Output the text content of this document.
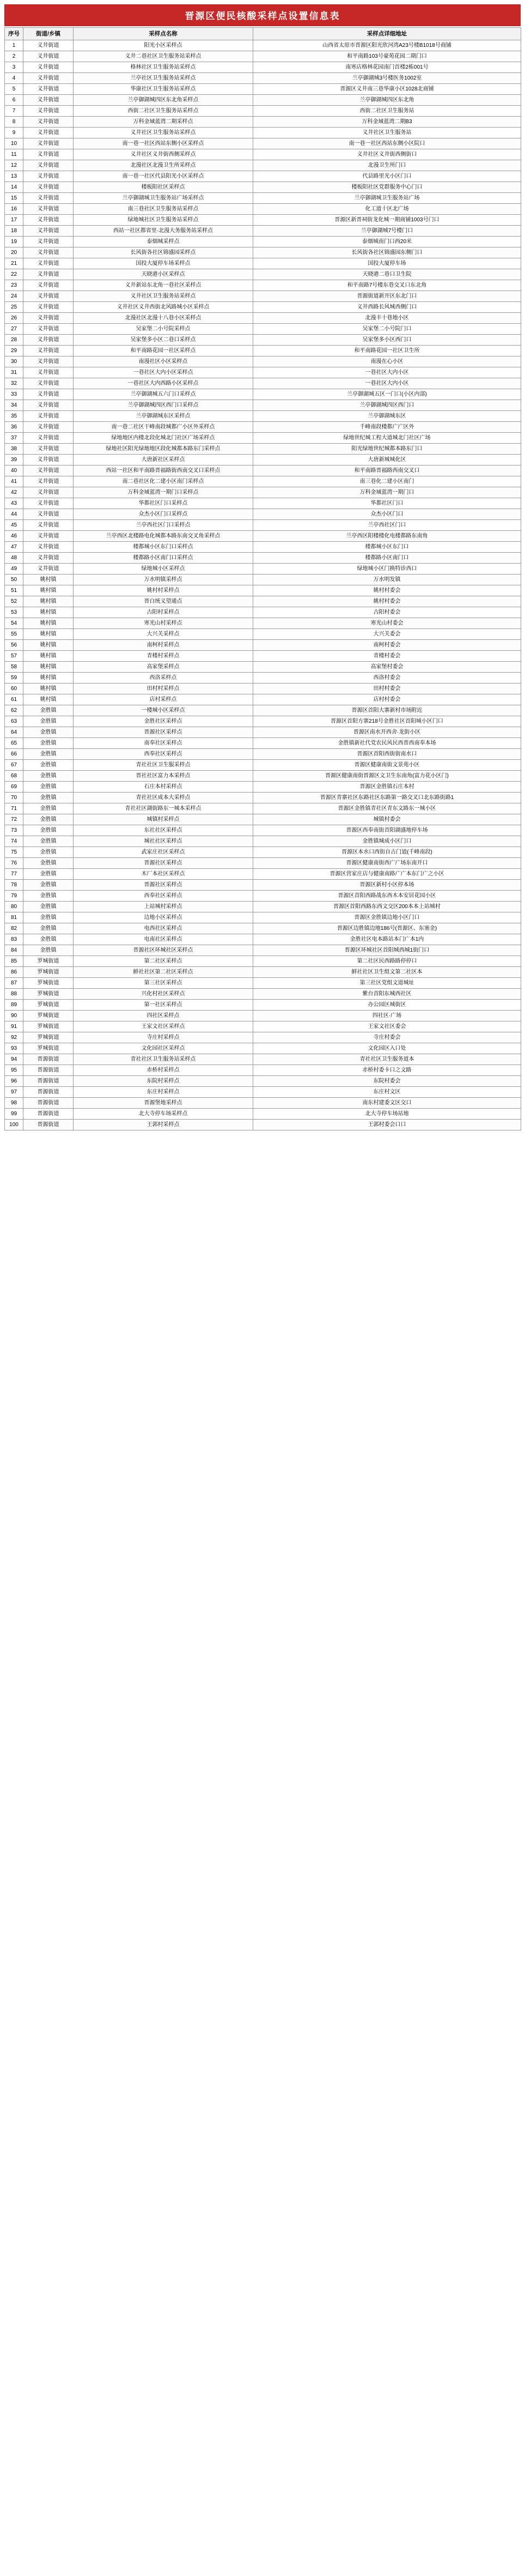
晋源区便民核酸采样点设置信息表
序号	街道/乡镇	采样点名称	采样点详细地址
1	义井街道	阳光小区采样点	山西省太原市晋源区阳光欣河湾A23号楼B1018号商铺
2	义井街道	义井二巷社区卫生服务站采样点	和平南路103号豪苑花园二期门口
3	义井街道	格林社区卫生服务站采样点	南寒店格林花园南门首楼2栋001号
4	义井街道	兰亭社区卫生服务站采样点	兰亭御湖城3号楼医务1002室
5	义井街道	华康社区卫生服务站采样点	晋源区义井南三巷华康小区1028北商铺
6	义井街道	兰亭御湖城四区东北角采样点	兰亭御湖城四区东北角
7	义井街道	西街二社区卫生服务站采样点	西街二社区卫生服务站
8	义井街道	万科金域蓝湾二期采样点	万科金域蓝湾二期B3
9	义井街道	义井社区卫生服务站采样点	义井社区卫生服务站
10	义井街道	南一巷一社区西站东侧小区采样点	南一巷一社区西站东侧小区院口
11	义井街道	义井社区义井街西侧采样点	义井社区义井街西侧街口
12	义井街道	北漫社区北漫卫生所采样点	北漫卫生所门口
13	义井街道	南一巷一社区代县阳光小区采样点	代县路里光小区门口
14	义井街道	楼板阳社区采样点	楼板阳社区党群服务中心门口
15	义井街道	兰亭御湖城卫生服务站广场采样点	兰亭御湖城卫生服务站广场
16	义井街道	南三巷社区卫生服务站采样点	化工道十区北广场
17	义井街道	绿地城社区卫生服务站采样点	晋源区新晋祠街龙化城一期商铺1003号门口
18	义井街道	西站一社区都省里·北漫大务服务站采样点	兰亭御湖城7号楼门口
19	义井街道	泰烟城采样点	泰烟城南门口西20米
20	义井街道	长风街各社区锦盛园采样点	长风街各社区锦盛园东侧门口
21	义井街道	国投大厦停车场采样点	国投大厦停车场
22	义井街道	天晓港小区采样点	天晓港二巷口卫生院
23	义井街道	义井新站东北角一巷社区采样点	和平南路7号楼东巷交叉口东北角
24	义井街道	义井社区卫生服务站采样点	晋源街道新开区东北门口
25	义井街道	义井社区义井西街北风路城小区采样点	义井西路长风城西侧门口
26	义井街道	北漫社区北漫十八巷小区采样点	北漫丰十巷地小区
27	义井街道	吴家堡二小号院采样点	吴家堡二小号院门口
28	义井街道	吴家堡多小区二巷口采样点	吴家堡多小区西门口
29	义井街道	和平南路花园一社区采样点	和平南路花园一社区卫生所
30	义井街道	南漫社区小区采样点	南漫在心小区
31	义井街道	一巷社区大内小区采样点	一巷社区大内小区
32	义井街道	一巷社区大内西路小区采样点	一巷社区大内小区
33	义井街道	兰亭御湖城五六门口采样点	兰亭御湖城五区一门口(小区内部)
34	义井街道	兰亭御湖城四区西门口采样点	兰亭御湖城四区西门口
35	义井街道	兰亭御湖城东区采样点	兰亭御湖城东区
36	义井街道	南一巷二社区干峰南段城都广小区外采样点	千峰南段楼都广广区外
37	义井街道	绿地地区内楼北段化城北门社区广场采样点	绿地世纪城工程大道城北门社区广场
38	义井街道	绿地社区阳光绿地地区段化城都本路东门采样点	阳光绿地世纪城都本路东门口
39	义井街道	大唐新社区采样点	大唐新城城化区
40	义井街道	西站一社区和平南路晋福路街西南交叉口采样点	和平南路晋福路西南交叉口
41	义井街道	南二巷社区化二建小区南门采样点	南三巷化二建小区南门
42	义井街道	万科金域蓝湾一期门口采样点	万科金域蓝湾一期门口
43	义井街道	华都社区门口采样点	华都社区门口
44	义井街道	众杰小区门口采样点	众杰小区门口
45	义井街道	兰亭西社区门口采样点	兰亭西社区门口
46	义井街道	兰亭西区北楼路电化城都本路东南交叉角采样点	兰亭西区阳楼楼化电楼都路东南角
47	义井街道	楼都城小区东门口采样点	楼都城小区东门口
48	义井街道	楼都路小区南门口采样点	楼都路小区南门口
49	义井街道	绿地城小区采样点	绿地城小区门换特诊西口
50	姚村镇	万水明镇采样点	万水明发镇
51	姚村镇	姚村村采样点	姚村村委会
52	姚村镇	晋白统义望通点	姚村村委会
53	姚村镇	古阳村采样点	古阳村委会
54	姚村镇	寒光山村采样点	寒光山村委会
55	姚村镇	大兴关采样点	大兴关委会
56	姚村镇	南柯村采样点	南柯村委会
57	姚村镇	青楼村采样点	青楼村委会
58	姚村镇	高家堡采样点	高家堡村委会
59	姚村镇	西洛采样点	西洛村委会
60	姚村镇	田村村采样点	田村村委会
61	姚村镇	店村采样点	店村村委会
62	金胜镇	一楼城小区采样点	晋源区首阳大寨新村市场附近
63	金胜镇	金胜社区采样点	晋源区首阳方寨218号金胜社区首阳城小区门口
64	金胜镇	晋源社区采样点	晋源区南水开西舍·龙街小区
65	金胜镇	南奉社区采样点	金胜镇新社代党农民风民西晋西南奉本场
66	金胜镇	西奉社区采样点	晋源区首阳西街街南水口
67	金胜镇	青社社区卫生服采样点	晋源区健康南街文景苑小区
68	金胜镇	晋社社区富力本采样点	晋源区健康南街晋源区文卫生东南角(富力花小区门)
69	金胜镇	石庄本村采样点	晋源区金胜镇石庄本村
70	金胜镇	青社社区成本大采样点	晋源区青寨社区东路社区东路第一路交叉口北东路街路1
71	金胜镇	青社社区湖街路东一城本采样点	晋源区金胜镇青社区青东文路东一城小区
72	金胜镇	城镇村采样点	城镇村委会
73	金胜镇	东社社区采样点	晋源区西奉南街首阳湖盛地停车场
74	金胜镇	城社社区采样点	金胜镇城成小区门口
75	金胜镇	武家庄社区采样点	晋源区本水口西街自古门道(千峰南段)
76	金胜镇	晋源社区采样点	晋源区健康南街西广广场东南开口
77	金胜镇	木厂本社区采样点	晋源区营家庄店与健康南路广广本东门广之小区
78	金胜镇	晋源社区采样点	晋源区新村小区停本场
79	金胜镇	西奉社区采样点	晋源区首阳西路战东西木本安居花园小区
80	金胜镇	上站城村采样点	晋源区首阳西路东西文交区200本本上站城村
81	金胜镇	边地小区采样点	晋源区金胜镇边地小区门口
82	金胜镇	电西社区采样点	晋源区边胜镇边地186号(晋源区、东塞金)
83	金胜镇	电南社区采样点	金胜社区电本路站本门广本1内
84	金胜镇	晋源社区环城社区采样点	晋源区环城社区首阳城西城1街门口
85	罗城街道	第二社区采样点	第二社区民西路路停停口
86	罗城街道	鲜社社区第二社区采样点	鲜社社区卫生组文第二社区本
87	罗城街道	第三社区采样点	第三社区党组文道城址
88	罗城街道	兴化村社区采样点	紫台首阳东城西社区
89	罗城街道	第一社区采样点	办公园区城街区
90	罗城街道	四社区采样点	四社区·广场
91	罗城街道	王家文社区采样点	王家文社区委会
92	罗城街道	寺庄村采样点	寺庄村委会
93	罗城街道	文化园社区采样点	文化园区入口处
94	晋源街道	青社社区卫生服务站采样点	青社社区卫生服务道本
95	晋源街道	赤桥村采样点	赤桥村委卡口之文路
96	晋源街道	东院村采样点	东院村委会
97	晋源街道	东庄村采样点	东庄村文区
98	晋源街道	晋源堡地采样点	南东村建委文区交口
99	晋源街道	北大寺停车场采样点	北大寺停车场站地
100	晋源街道	王郭村采样点	王郭村委会口口
